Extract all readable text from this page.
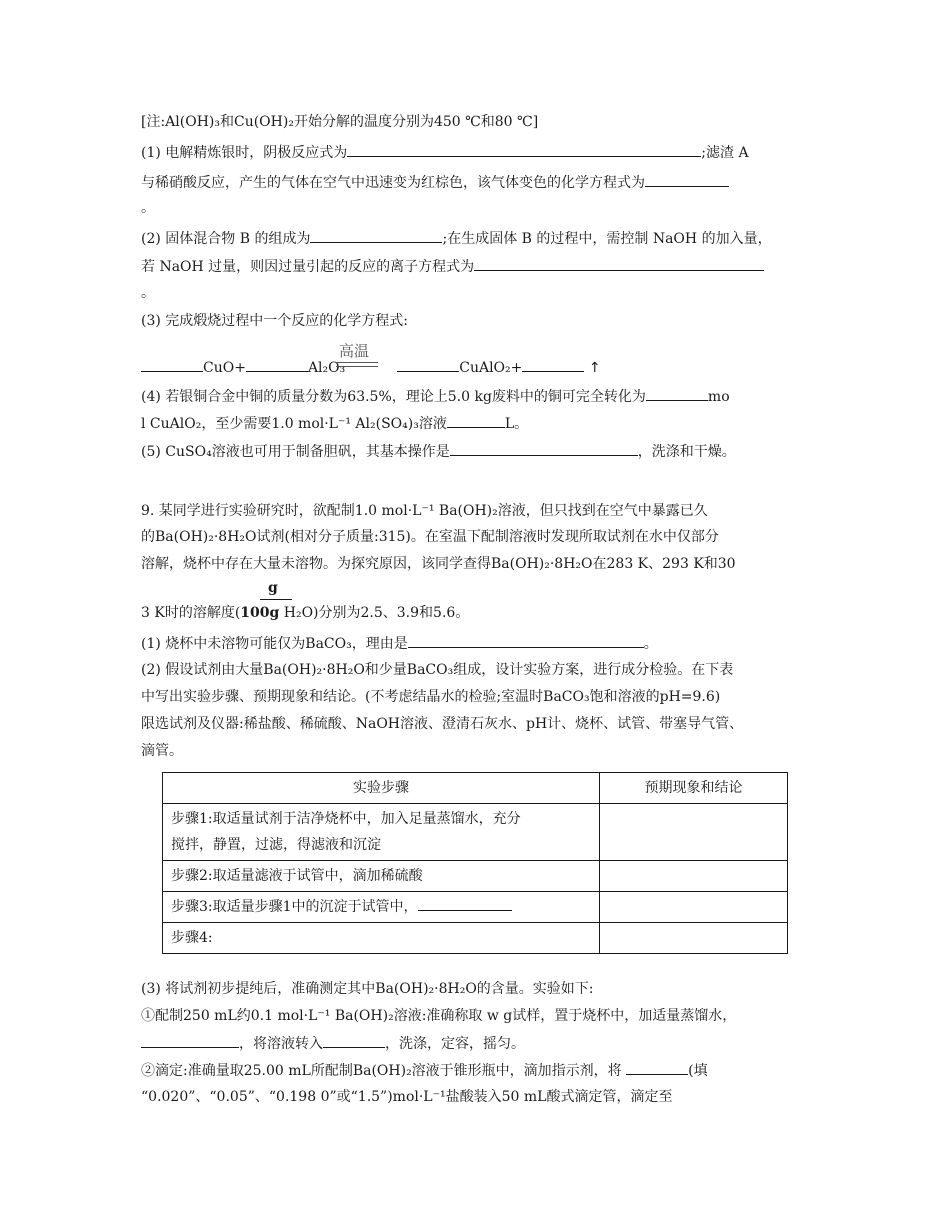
[注:Al(OH)₃和Cu(OH)₂开始分解的温度分别为450 ℃和80 ℃]
(1) 电解精炼银时，阴极反应式为	;滤渣 A
与稀硝酸反应，产生的气体在空气中迅速变为红棕色，该气体变色的化学方程式为
。
(2) 固体混合物 B 的组成为	;在生成固体 B 的过程中，需控制 NaOH 的加入量，
若 NaOH 过量，则因过量引起的反应的离子方程式为
。
(3) 完成煅烧过程中一个反应的化学方程式:
CuO+	Al₂O₃	CuAlO₂+	↑
高温
(4) 若银铜合金中铜的质量分数为63.5%，理论上5.0 kg废料中的铜可完全转化为	mo
l CuAlO₂，至少需要1.0 mol·L⁻¹ Al₂(SO₄)₃溶液	L。
(5) CuSO₄溶液也可用于制备胆矾，其基本操作是	，洗涤和干燥。
9. 某同学进行实验研究时，欲配制1.0 mol·L⁻¹ Ba(OH)₂溶液，但只找到在空气中暴露已久
的Ba(OH)₂·8H₂O试剂(相对分子质量:315)。在室温下配制溶液时发现所取试剂在水中仅部分
溶解，烧杯中存在大量未溶物。为探究原因，该同学查得Ba(OH)₂·8H₂O在283 K、293 K和30
g
3 K时的溶解度(100g H₂O)分别为2.5、3.9和5.6。
(1) 烧杯中未溶物可能仅为BaCO₃，理由是	。
(2) 假设试剂由大量Ba(OH)₂·8H₂O和少量BaCO₃组成，设计实验方案，进行成分检验。在下表
中写出实验步骤、预期现象和结论。(不考虑结晶水的检验;室温时BaCO₃饱和溶液的pH=9.6)
限选试剂及仪器:稀盐酸、稀硫酸、NaOH溶液、澄清石灰水、pH计、烧杯、试管、带塞导气管、
滴管。
实验步骤	预期现象和结论

步骤1:取适量试剂于洁净烧杯中，加入足量蒸馏水，充分
搅拌，静置，过滤，得滤液和沉淀	

步骤2:取适量滤液于试管中，滴加稀硫酸	
步骤3:取适量步骤1中的沉淀于试管中，	
步骤4:	
(3) 将试剂初步提纯后，准确测定其中Ba(OH)₂·8H₂O的含量。实验如下:
①配制250 mL约0.1 mol·L⁻¹ Ba(OH)₂溶液:准确称取 w g试样，置于烧杯中，加适量蒸馏水，
，将溶液转入	，洗涤，定容，摇匀。
②滴定:准确量取25.00 mL所配制Ba(OH)₂溶液于锥形瓶中，滴加指示剂，将	(填
“0.020”、“0.05”、“0.198 0”或“1.5”)mol·L⁻¹盐酸装入50 mL酸式滴定管，滴定至
